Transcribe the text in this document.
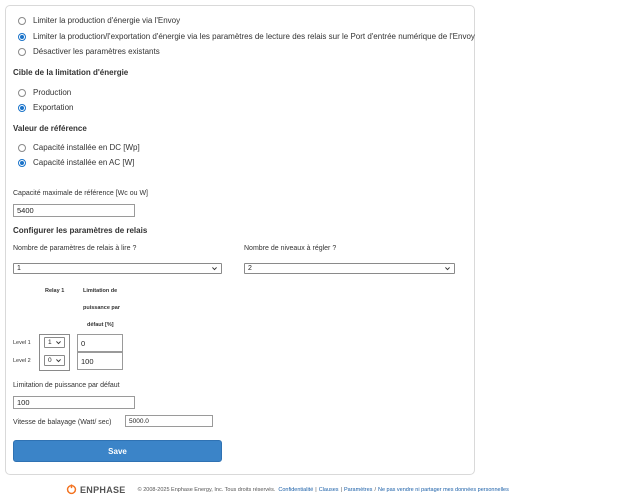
Limiter la production d'énergie via l'Envoy
Limiter la production/l'exportation d'énergie via les paramètres de lecture des relais sur le Port d'entrée numérique de l'Envoy
Désactiver les paramètres existants
Cible de la limitation d'énergie
Production
Exportation
Valeur de référence
Capacité installée en DC [Wp]
Capacité installée en AC [W]
Capacité maximale de référence [Wc ou W]
5400
Configurer les paramètres de relais
Nombre de paramètres de relais à lire ?
1
Nombre de niveaux à régler ?
2
Relay 1	Limitation de
puissance par
défaut [%]
Level 1
Level 2
1
0
0
100
Limitation de puissance par défaut
100
Vitesse de balayage (Watt/ sec)	5000.0
Save
ENPHASE © 2008-2025 Enphase Energy, Inc. Tous droits réservés. Confidentialité | Clauses | Paramètres / Ne pas vendre ni partager mes données personnelles
